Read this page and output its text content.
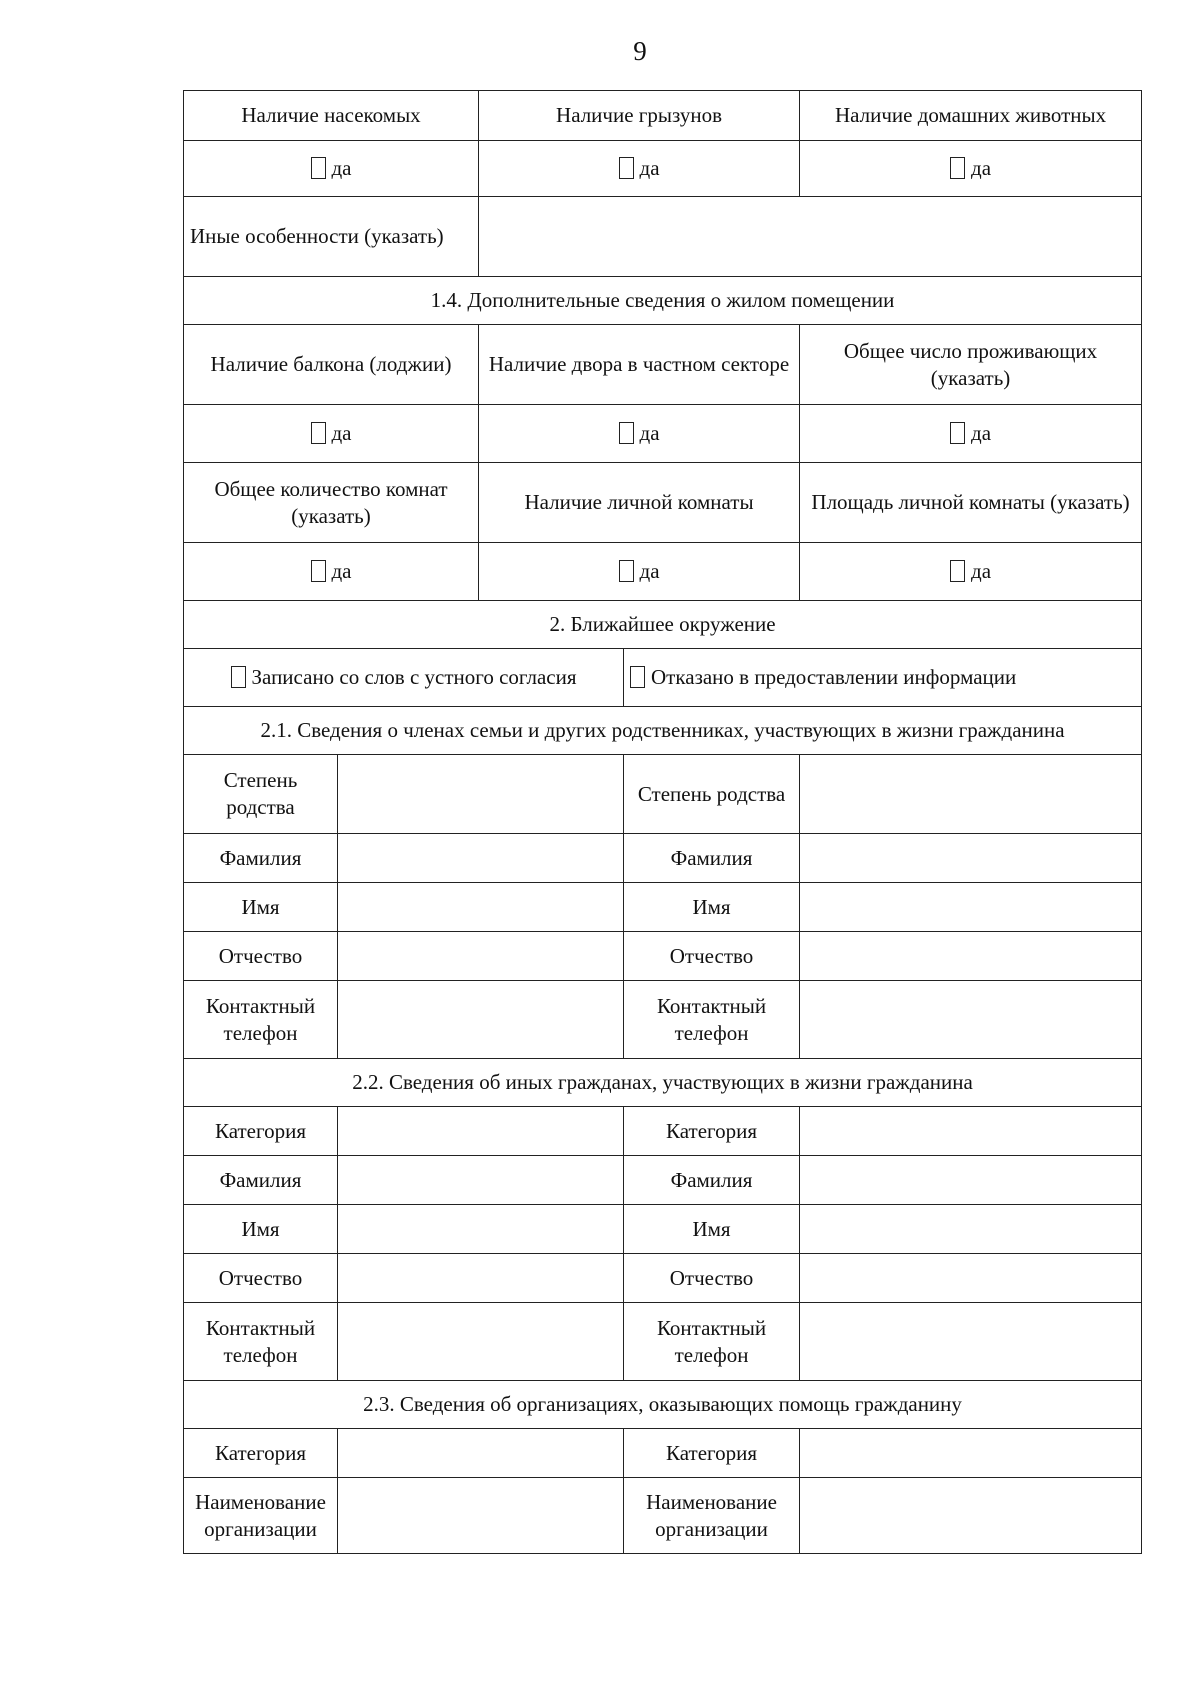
9
Наличие насекомых		Наличие грызунов		Наличие домашних животных
да		да		да
Иные особенности (указать)				
1.4. Дополнительные сведения о жилом помещении				
Наличие балкона (лоджии)		Наличие двора в частном секторе		Общее число проживающих (указать)
да		да		да
Общее количество комнат (указать)		Наличие личной комнаты		Площадь личной комнаты (указать)
да		да		да
2. Ближайшее окружение				
Записано со слов с устного согласия			Отказано в предоставлении информации	
2.1. Сведения о членах семьи и других родственниках, участвующих в жизни гражданина				
Степень родства			Степень родства	
Фамилия			Фамилия	
Имя			Имя	
Отчество			Отчество	
Контактный телефон			Контактный телефон	
2.2. Сведения об иных гражданах, участвующих в жизни гражданина				
Категория			Категория	
Фамилия			Фамилия	
Имя			Имя	
Отчество			Отчество	
Контактный телефон			Контактный телефон	
2.3. Сведения об организациях, оказывающих помощь гражданину				
Категория			Категория	
Наименование организации			Наименование организации	
